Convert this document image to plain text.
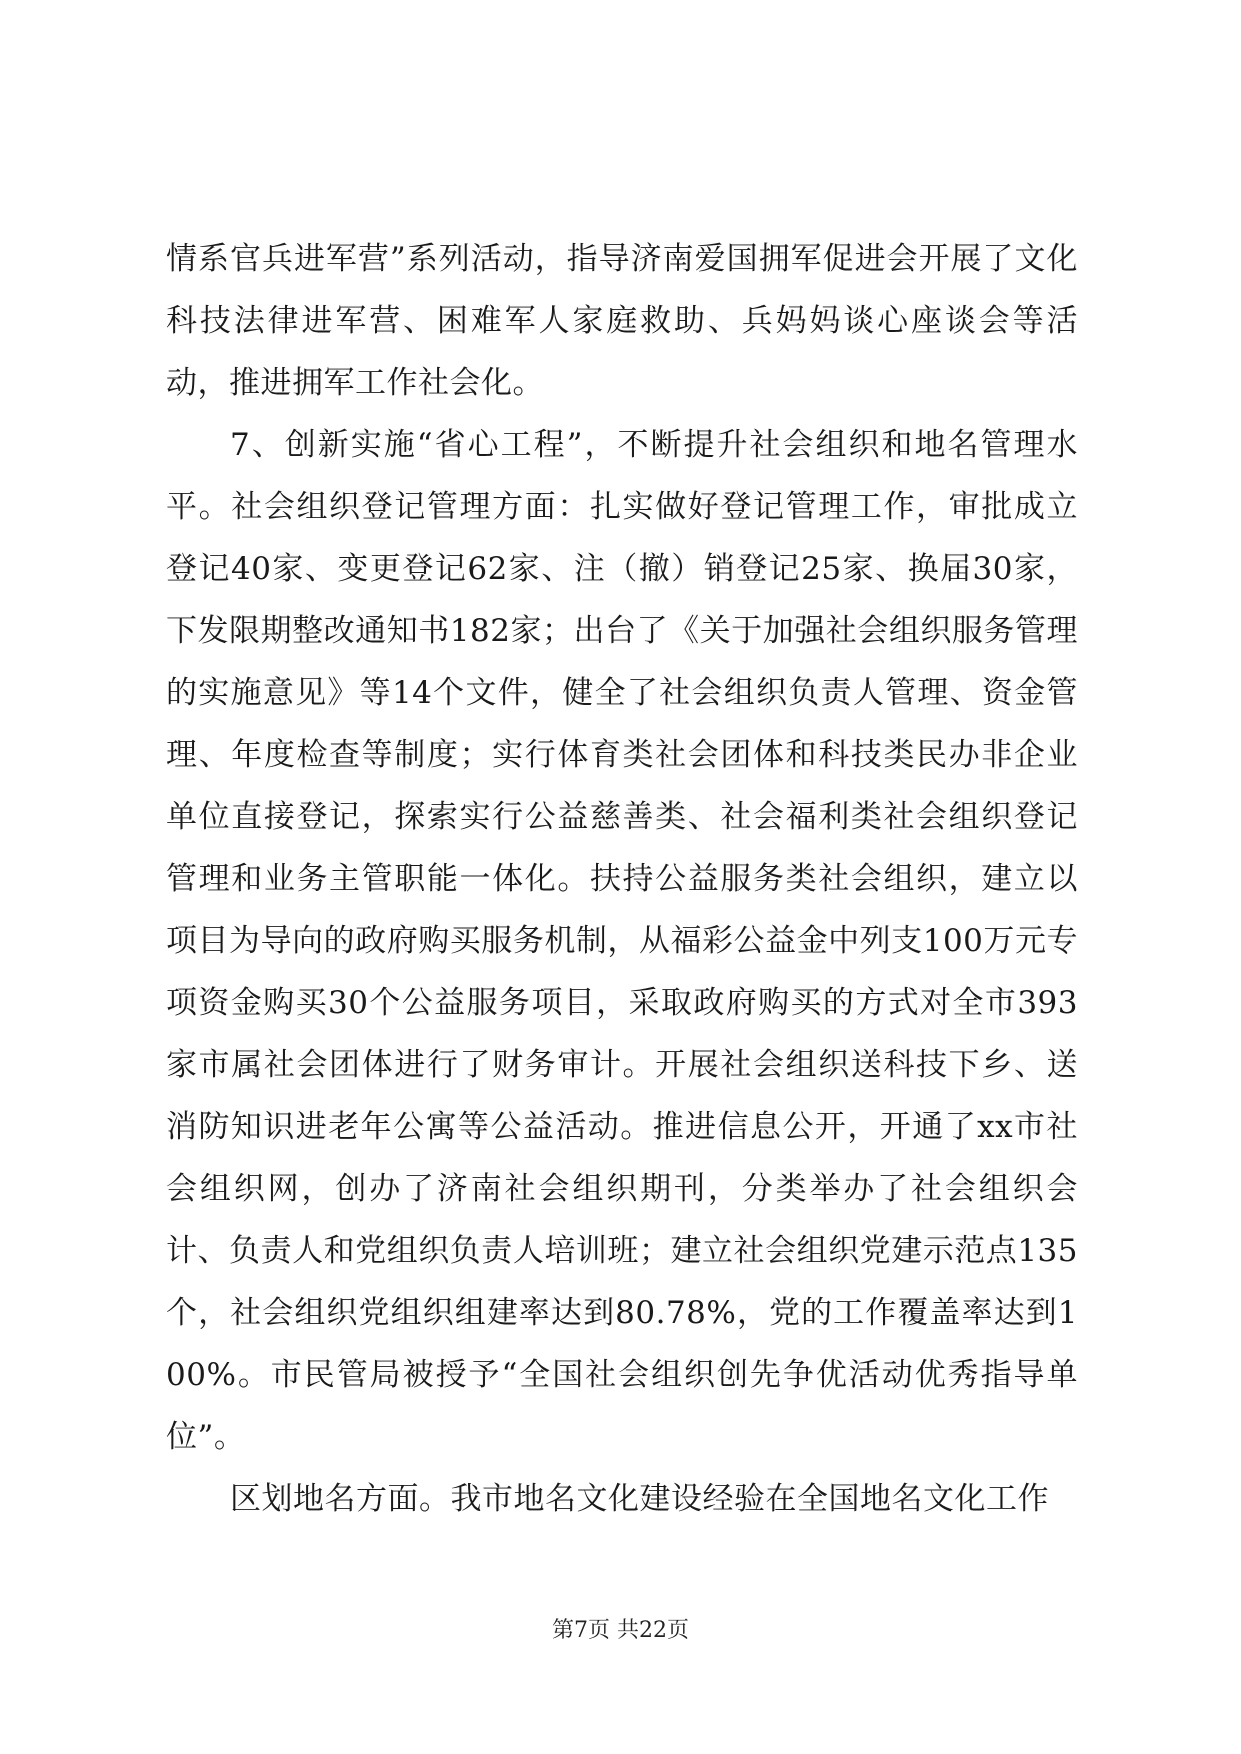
情系官兵进军营”系列活动，指导济南爱国拥军促进会开展了文化科技法律进军营、困难军人家庭救助、兵妈妈谈心座谈会等活动，推进拥军工作社会化。

7、创新实施“省心工程”，不断提升社会组织和地名管理水平。社会组织登记管理方面：扎实做好登记管理工作，审批成立登记40家、变更登记62家、注（撤）销登记25家、换届30家，下发限期整改通知书182家；出台了《关于加强社会组织服务管理的实施意见》等14个文件，健全了社会组织负责人管理、资金管理、年度检查等制度；实行体育类社会团体和科技类民办非企业单位直接登记，探索实行公益慈善类、社会福利类社会组织登记管理和业务主管职能一体化。扶持公益服务类社会组织，建立以项目为导向的政府购买服务机制，从福彩公益金中列支100万元专项资金购买30个公益服务项目，采取政府购买的方式对全市393家市属社会团体进行了财务审计。开展社会组织送科技下乡、送消防知识进老年公寓等公益活动。推进信息公开，开通了xx市社会组织网，创办了济南社会组织期刊，分类举办了社会组织会计、负责人和党组织负责人培训班；建立社会组织党建示范点135个，社会组织党组织组建率达到80.78%，党的工作覆盖率达到100%。市民管局被授予“全国社会组织创先争优活动优秀指导单位”。

区划地名方面。我市地名文化建设经验在全国地名文化工作

第7页 共22页
